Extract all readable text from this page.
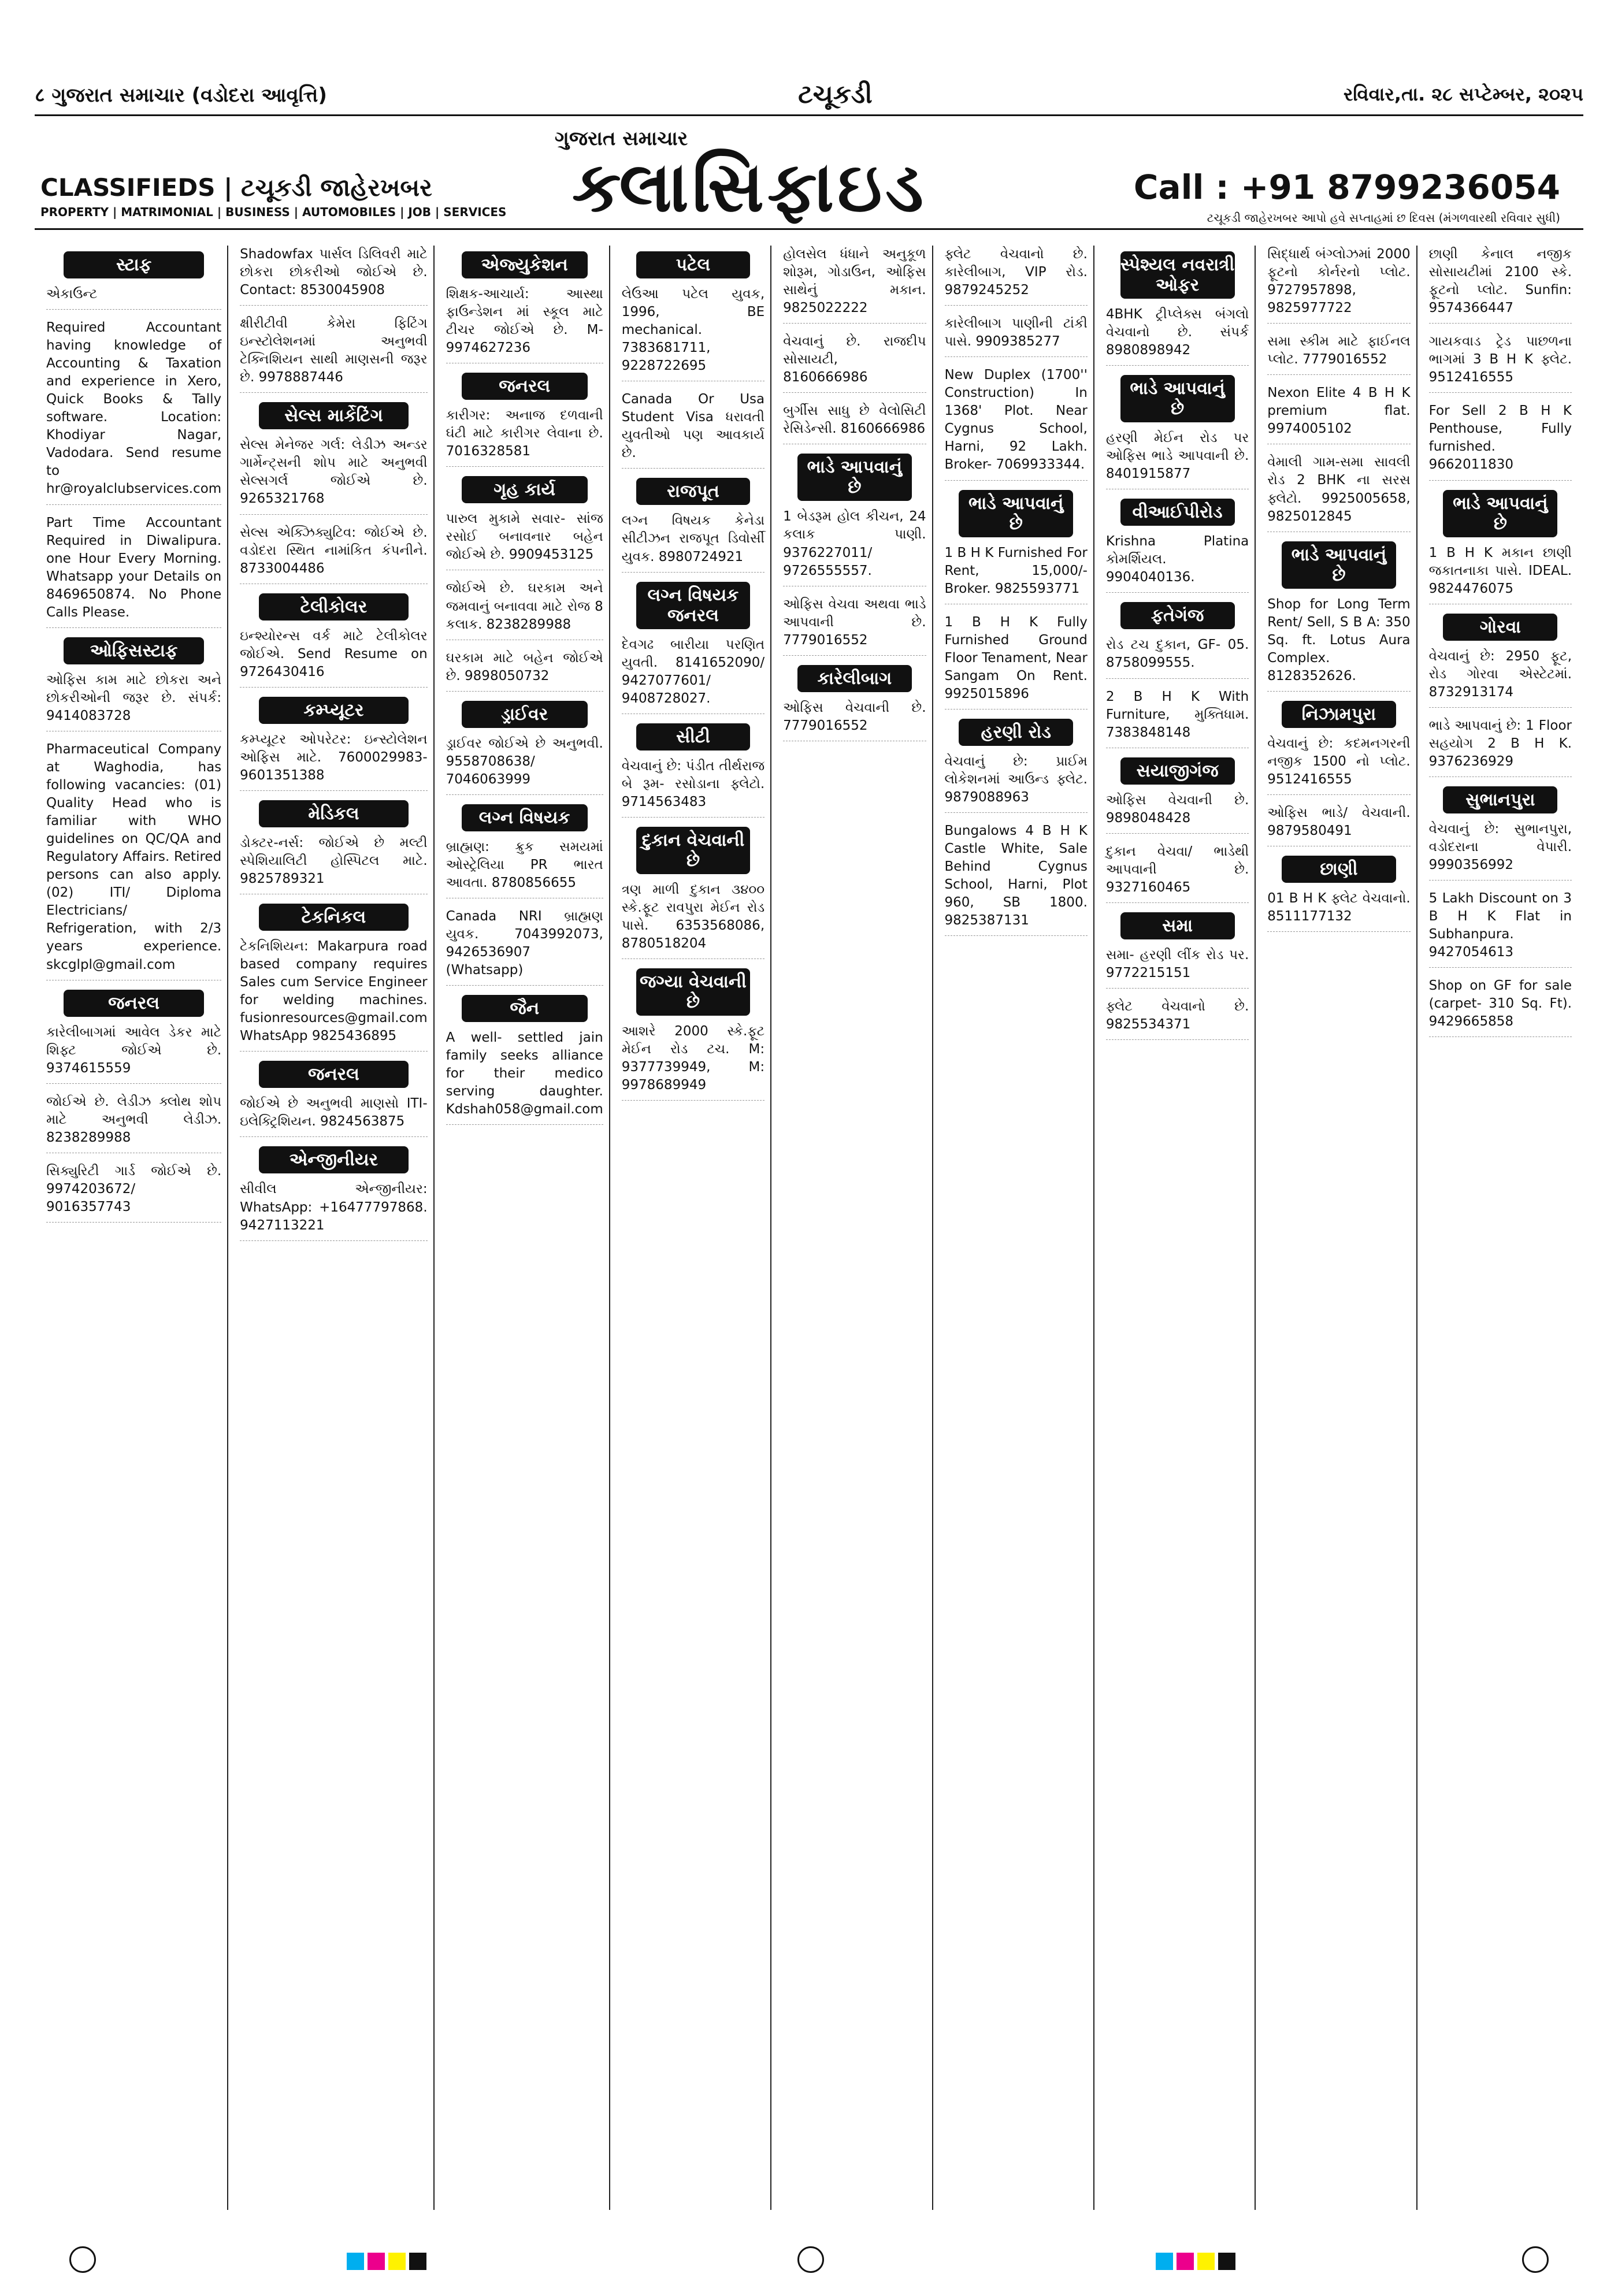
८ ગુજરાત સમાચાર (વડોદરા આવૃત્તિ)	ટચૂકડી	રવિવાર,તા. ૨૮ સપ્ટેમ્બર, ૨૦૨૫
ગુજરાત સમાચાર
ક્લાસિફાઇડ
CLASSIFIEDS | ટચૂકડી જાહેરખબર
PROPERTY | MATRIMONIAL | BUSINESS | AUTOMOBILES | JOB | SERVICES
Call : +91 8799236054
ટચૂકડી જાહેરખબર આપો હવે સપ્તાહમાં છ દિવસ (મંગળવારથી રવિવાર સુધી)
સ્ટાફ
એકાઉન્ટ
Required Accountant having knowledge of Accounting & Taxation and experience in Xero, Quick Books & Tally software. Location: Khodiyar Nagar, Vadodara. Send resume to hr@royalclubservices.com
Part Time Accountant Required in Diwalipura. one Hour Every Morning. Whatsapp your Details on 8469650874. No Phone Calls Please.
ઓફિસસ્ટાફ
ઓફિસ કામ માટે છોકરા અને છોકરીઓની જરૂર છે. સંપર્ક: 9414083728
Pharmaceutical Company at Waghodia, has following vacancies: (01) Quality Head who is familiar with WHO guidelines on QC/QA and Regulatory Affairs. Retired persons can also apply. (02) ITI/ Diploma Electricians/ Refrigeration, with 2/3 years experience. skcglpl@gmail.com
જનરલ
કારેલીબાગમાં આવેલ ડેકર માટે શિફ્ટ જોઈએ છે. 9374615559
જોઈએ છે. લેડીઝ ક્લોથ શોપ માટે અનુભવી લેડીઝ. 8238289988
સિક્યુરિટી ગાર્ડ જોઈએ છે. 9974203672/ 9016357743
Shadowfax પાર્સલ ડિલિવરી માટે છોકરા છોકરીઓ જોઈએ છે. Contact: 8530045908
ક્ષીરીટીવી કેમેરા ફિટિંગ ઇન્સ્ટોલેશનમાં અનુભવી ટેક્નિશિયન સાથી માણસની જરૂર છે. 9978887446
સેલ્સ માર્કેટિંગ
સેલ્સ મેનેજર ગર્લ: લેડીઝ અન્ડર ગાર્મેન્ટ્સની શોપ માટે અનુભવી સેલ્સગર્લ જોઈએ છે. 9265321768
સેલ્સ એક્ઝિક્યુટિવ: જોઈએ છે. વડોદરા સ્થિત નામાંકિત કંપનીને. 8733004486
ટેલીકોલર
ઇન્શ્યોરન્સ વર્ક માટે ટેલીકોલર જોઈએ. Send Resume on 9726430416
કમ્પ્યૂટર
કમ્પ્યૂટર ઓપરેટર: ઇન્સ્ટોલેશન ઓફિસ માટે. 7600029983- 9601351388
મેડિકલ
ડોક્ટર-નર્સ: જોઈએ છે મલ્ટી સ્પેશિયાલિટી હોસ્પિટલ માટે. 9825789321
ટેકનિકલ
ટેકનિશિયન: Makarpura road based company requires Sales cum Service Engineer for welding machines. fusionresources@gmail.com WhatsApp 9825436895
જનરલ
જોઈએ છે અનુભવી માણસો ITI- ઇલેક્ટ્રિશિયન. 9824563875
એન્જીનીયર
સીવીલ એન્જીનીયર: WhatsApp: +16477797868. 9427113221
એજ્યુકેશન
શિક્ષક-આચાર્ય: આસ્થા ફાઉન્ડેશન માં સ્કૂલ માટે ટીચર જોઈએ છે. M- 9974627236
જનરલ
કારીગર: અનાજ દળવાની ઘંટી માટે કારીગર લેવાના છે. 7016328581
ગૃહ કાર્ય
પારુલ મુકામે સવાર- સાંજ રસોઈ બનાવનાર બહેન જોઈએ છે. 9909453125
જોઈએ છે. ઘરકામ અને જમવાનું બનાવવા માટે રોજ 8 કલાક. 8238289988
ઘરકામ માટે બહેન જોઈએ છે. 9898050732
ડ્રાઈવર
ડ્રાઈવર જોઈએ છે અનુભવી. 9558708638/ 7046063999
લગ્ન વિષયક
બ્રાહ્મણ: ક્રુક સમયમાં ઓસ્ટ્રેલિયા PR ભારત આવતા. 8780856655
Canada NRI બ્રાહ્મણ યુવક. 7043992073, 9426536907 (Whatsapp)
જૈન
A well- settled jain family seeks alliance for their medico serving daughter. Kdshah058@gmail.com
પટેલ
લેઉઆ પટેલ યુવક, 1996, BE mechanical. 7383681711, 9228722695
Canada Or Usa Student Visa ધરાવતી યુવતીઓ પણ આવકાર્ય છે.
રાજપૂત
લગ્ન વિષયક કેનેડા સીટીઝન રાજપૂત ડિવોર્સી યુવક. 8980724921
લગ્ન વિષયક જનરલ
દેવગઢ બારીયા પરણિત યુવતી. 8141652090/ 9427077601/ 9408728027.
સીટી
વેચવાનું છે: પંડીત તીર્થરાજ બે રૂમ- રસોડાના ફ્લેટો. 9714563483
દુકાન વેચવાની છે
ત્રણ માળી દુકાન ૩૪૦૦ સ્કે.ફૂટ રાવપુરા મેઈન રોડ પાસે. 6353568086, 8780518204
જગ્યા વેચવાની છે
આશરે 2000 સ્કે.ફૂટ મેઈન રોડ ટચ. M: 9377739949, M: 9978689949
હોલસેલ ધંધાને અનુકૂળ શોરૂમ, ગોડાઉન, ઓફિસ સાથેનું મકાન. 9825022222
વેચવાનું છે. રાજદીપ સોસાયટી, 8160666986
બુર્ગીસ સાધુ છે વેલોસિટી રેસિડેન્સી. 8160666986
ભાડે આપવાનું છે
1 બેડરૂમ હોલ કીચન, 24 કલાક પાણી. 9376227011/ 9726555557.
ઓફિસ વેચવા અથવા ભાડે આપવાની છે. 7779016552
કારેલીબાગ
ઓફિસ વેચવાની છે. 7779016552
ફ્લેટ વેચવાનો છે. કારેલીબાગ, VIP રોડ. 9879245252
કારેલીબાગ પાણીની ટાંકી પાસે. 9909385277
New Duplex (1700'' Construction) In 1368' Plot. Near Cygnus School, Harni, 92 Lakh. Broker- 7069933344.
ભાડે આપવાનું છે
1 B H K Furnished For Rent, 15,000/- Broker. 9825593771
1 B H K Fully Furnished Ground Floor Tenament, Near Sangam On Rent. 9925015896
હરણી રોડ
વેચવાનું છે: પ્રાઈમ લોકેશનમાં આઉન્ડ ફ્લેટ. 9879088963
Bungalows 4 B H K Castle White, Sale Behind Cygnus School, Harni, Plot 960, SB 1800. 9825387131
સ્પેશ્યલ નવરાત્રી ઓફર
4BHK ટ્રીપ્લેક્સ બંગલો વેચવાનો છે. સંપર્ક 8980898942
ભાડે આપવાનું છે
હરણી મેઈન રોડ પર ઓફિસ ભાડે આપવાની છે. 8401915877
વીઆઈપીરોડ
Krishna Platina કોમર્શિયલ. 9904040136.
ફતેગંજ
રોડ ટચ દુકાન, GF- 05. 8758099555.
2 B H K With Furniture, મુક્તિધામ. 7383848148
સયાજીગંજ
ઓફિસ વેચવાની છે. 9898048428
દુકાન વેચવા/ ભાડેથી આપવાની છે. 9327160465
સમા
સમા- હરણી લીંક રોડ પર. 9772215151
ફ્લેટ વેચવાનો છે. 9825534371
સિદ્ધાર્થ બંગ્લોઝમાં 2000 ફૂટનો કોર્નરનો પ્લોટ. 9727957898, 9825977722
સમા સ્કીમ માટે ફાઈનલ પ્લોટ. 7779016552
Nexon Elite 4 B H K premium flat. 9974005102
વેમાલી ગામ-સમા સાવલી રોડ 2 BHK ના સરસ ફ્લેટો. 9925005658, 9825012845
ભાડે આપવાનું છે
Shop for Long Term Rent/ Sell, S B A: 350 Sq. ft. Lotus Aura Complex. 8128352626.
નિઝામપુરા
વેચવાનું છે: કદમનગરની નજીક 1500 નો પ્લોટ. 9512416555
ઓફિસ ભાડે/ વેચવાની. 9879580491
છાણી
01 B H K ફ્લેટ વેચવાનો. 8511177132
છાણી કેનાલ નજીક સોસાયટીમાં 2100 સ્કે. ફૂટનો પ્લોટ. Sunfin: 9574366447
ગાયકવાડ ટ્રેડ પાછળના ભાગમાં 3 B H K ફ્લેટ. 9512416555
For Sell 2 B H K Penthouse, Fully furnished. 9662011830
ભાડે આપવાનું છે
1 B H K મકાન છાણી જકાતનાકા પાસે. IDEAL. 9824476075
ગોરવા
વેચવાનું છે: 2950 ફૂટ, રોડ ગોરવા એસ્ટેટમાં. 8732913174
ભાડે આપવાનું છે: 1 Floor સહયોગ 2 B H K. 9376236929
સુભાનપુરા
વેચવાનું છે: સુભાનપુરા, વડોદરાના વેપારી. 9990356992
5 Lakh Discount on 3 B H K Flat in Subhanpura. 9427054613
Shop on GF for sale (carpet- 310 Sq. Ft). 9429665858
